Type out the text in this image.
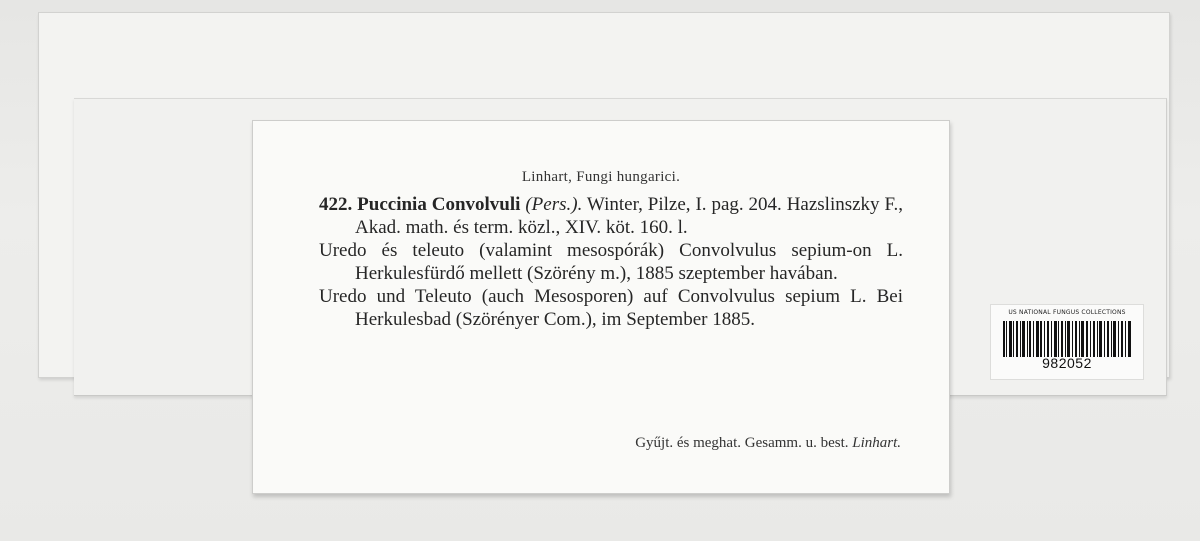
Linhart, Fungi hungarici.

422. Puccinia Convolvuli (Pers.). Winter, Pilze, I. pag. 204. Hazslinszky F., Akad. math. és term. közl., XIV. köt. 160. l.

Uredo és teleuto (valamint mesospórák) Convolvulus sepium-on L. Herkulesfürdő mellett (Szörény m.), 1885 szeptember havában.

Uredo und Teleuto (auch Mesosporen) auf Convolvulus sepium L. Bei Herkulesbad (Szörényer Com.), im September 1885.

Gyűjt. és meghat. Gesamm. u. best. Linhart.
US NATIONAL FUNGUS COLLECTIONS
982052
